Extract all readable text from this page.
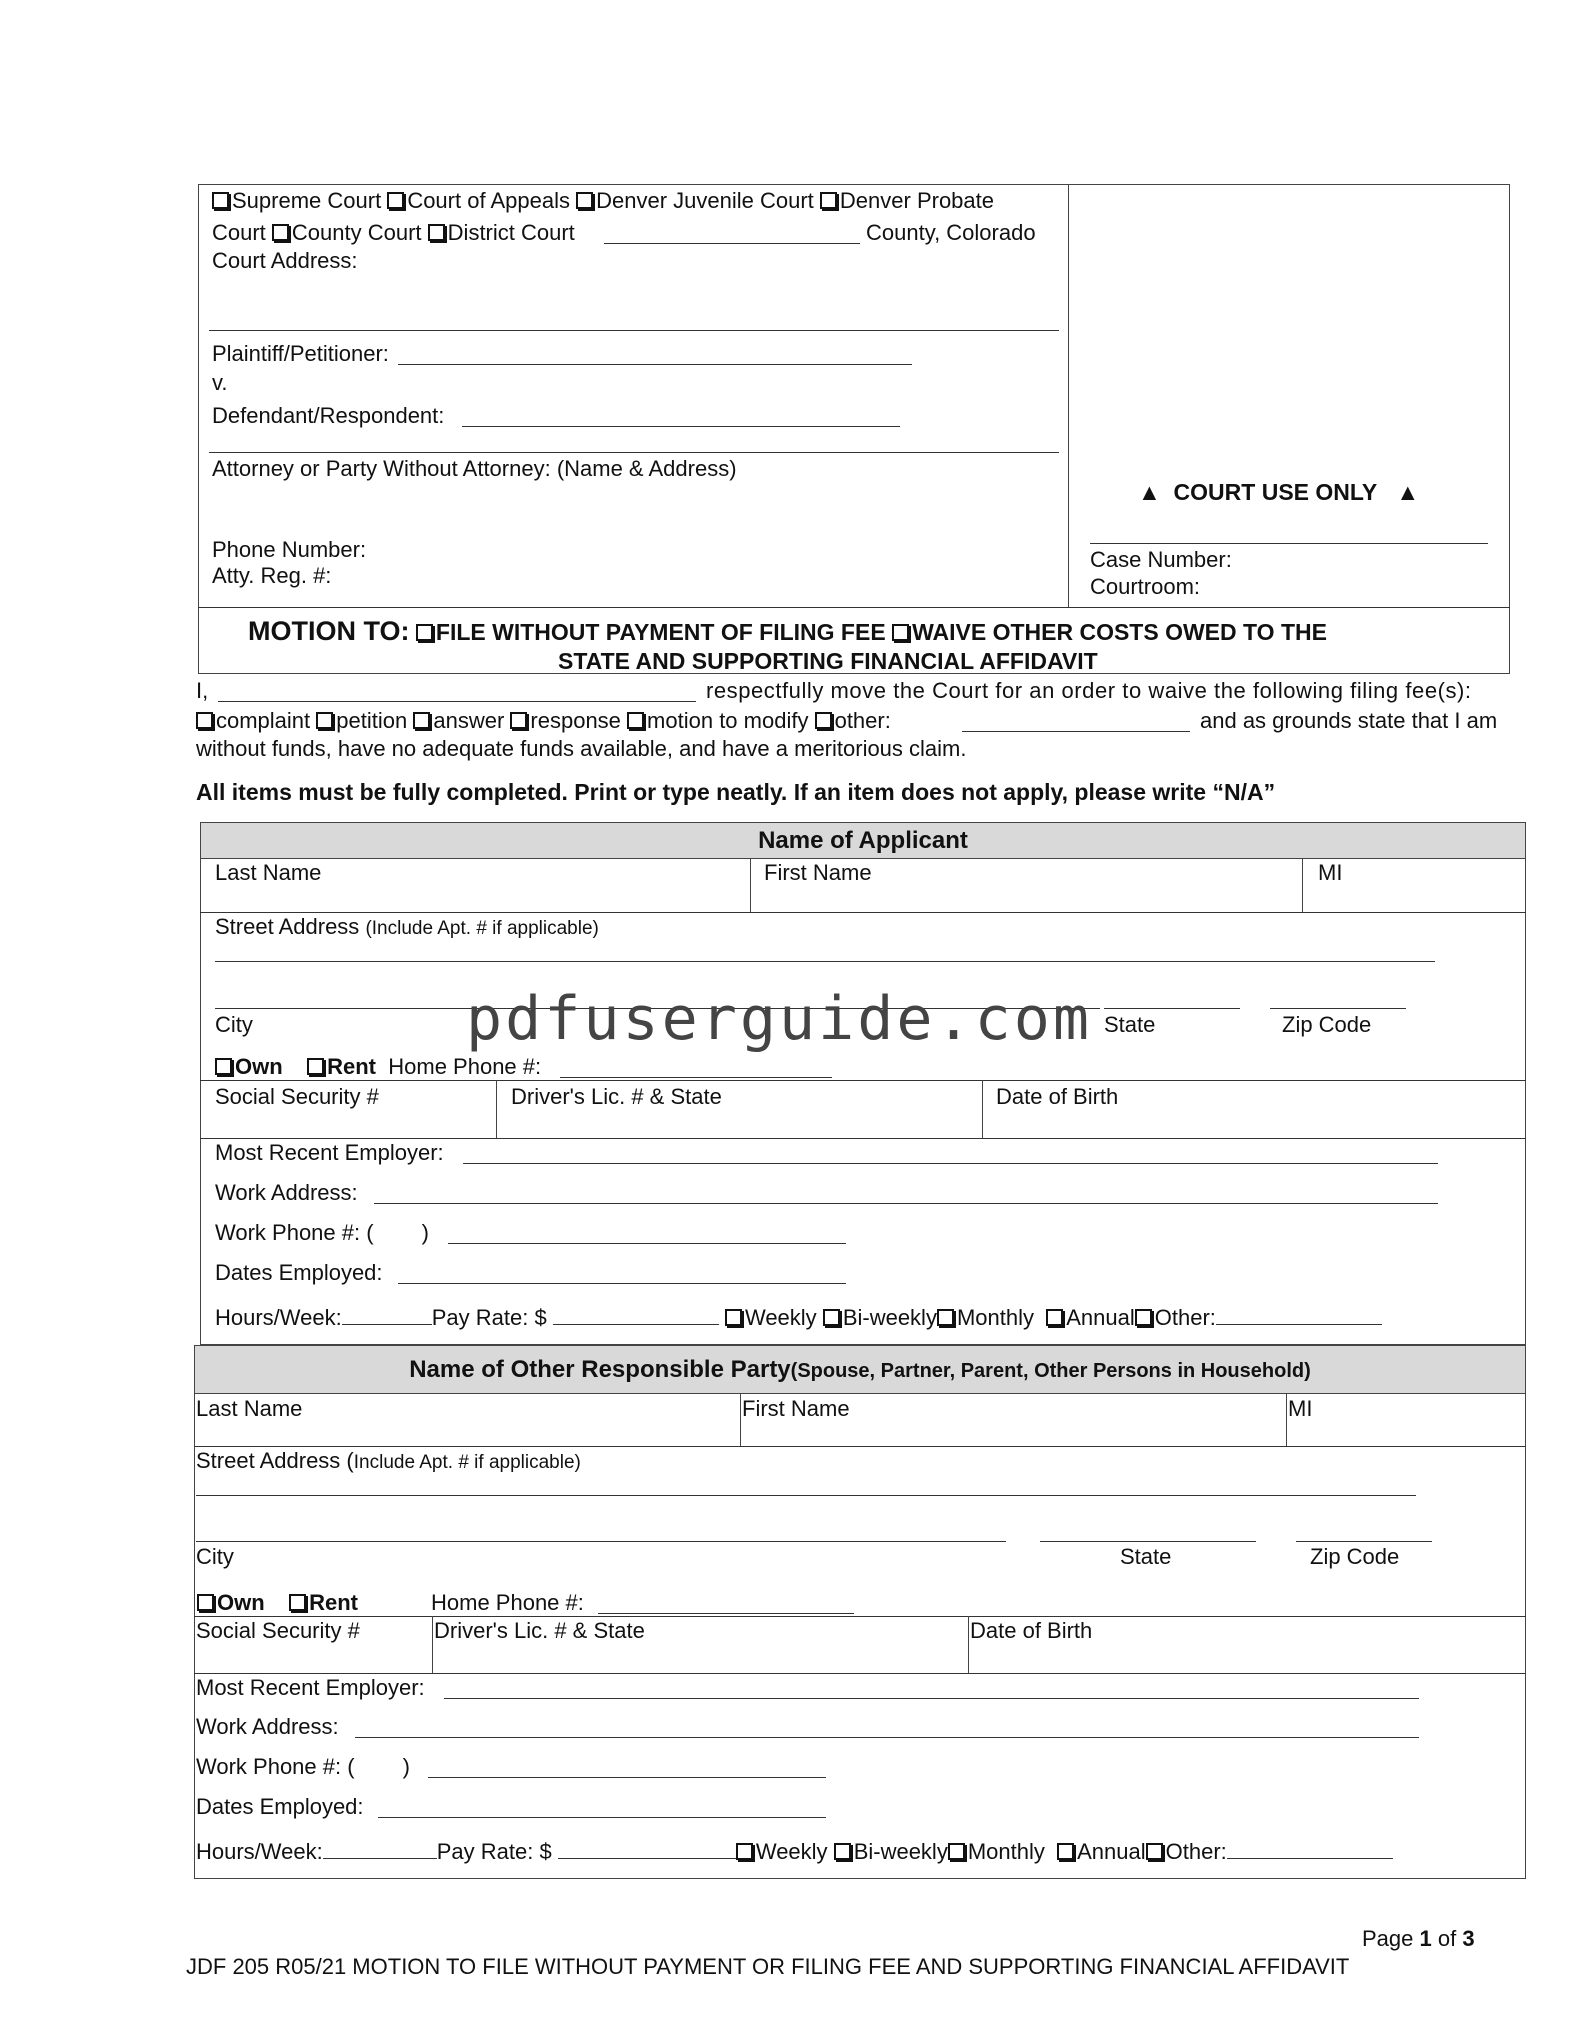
Supreme Court Court of Appeals Denver Juvenile Court Denver Probate
Court County Court District Court	County, Colorado
Court Address:
Plaintiff/Petitioner:
v.
Defendant/Respondent:
Attorney or Party Without Attorney: (Name & Address)
Phone Number:
Atty. Reg. #:
▲ COURT USE ONLY ▲
Case Number:
Courtroom:
MOTION TO: FILE WITHOUT PAYMENT OF FILING FEE WAIVE OTHER COSTS OWED TO THE
STATE AND SUPPORTING FINANCIAL AFFIDAVIT
I,	respectfully move the Court for an order to waive the following filing fee(s):
complaint petition answer response motion to modify other:	and as grounds state that I am
without funds, have no adequate funds available, and have a meritorious claim.
All items must be fully completed. Print or type neatly. If an item does not apply, please write “N/A”
Name of Applicant
Last Name	First Name	MI
Street Address (Include Apt. # if applicable)
City	State	Zip Code
Own Rent Home Phone #:
Social Security #	Driver's Lic. # & State	Date of Birth
Most Recent Employer:
Work Address:
Work Phone #: ( )
Dates Employed:
Hours/Week:	Pay Rate: $	Weekly Bi-weekly Monthly Annual Other:
pdfuserguide.com
Name of Other Responsible Party(Spouse, Partner, Parent, Other Persons in Household)
Last Name	First Name	MI
Street Address (Include Apt. # if applicable)
City	State	Zip Code
Own Rent	Home Phone #:
Social Security #	Driver's Lic. # & State	Date of Birth
Most Recent Employer:
Work Address:
Work Phone #: ( )
Dates Employed:
Hours/Week:	Pay Rate: $	Weekly Bi-weekly Monthly Annual Other:
Page 1 of 3
JDF 205 R05/21 MOTION TO FILE WITHOUT PAYMENT OR FILING FEE AND SUPPORTING FINANCIAL AFFIDAVIT
